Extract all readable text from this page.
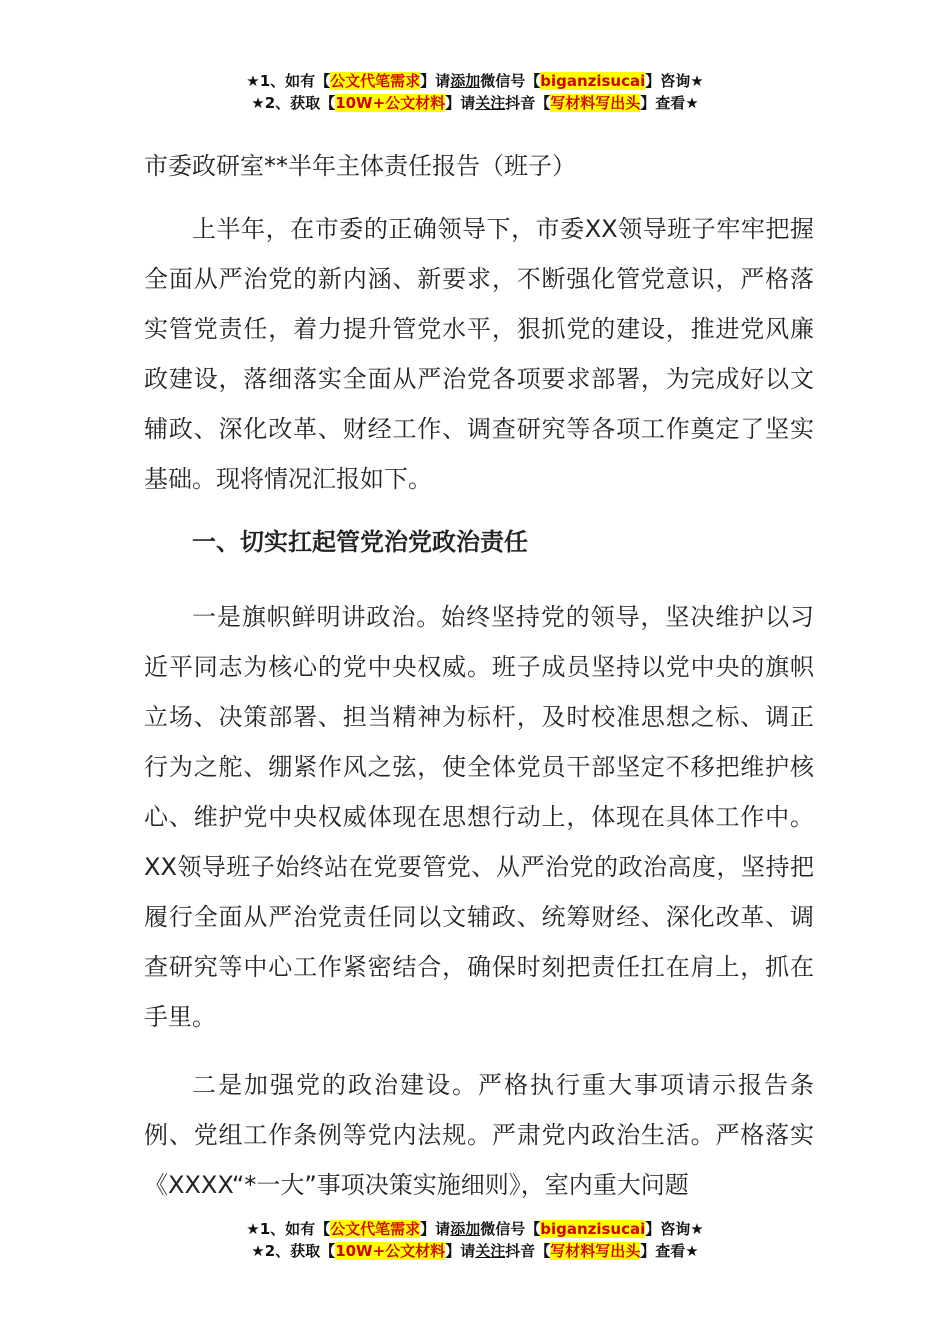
★1、如有【公文代笔需求】请添加微信号【biganzisucai】咨询★
★2、获取【10W+公文材料】请关注抖音【写材料写出头】查看★
市委政研室**半年主体责任报告（班子）

上半年，在市委的正确领导下，市委XX领导班子牢牢把握全面从严治党的新内涵、新要求，不断强化管党意识，严格落实管党责任，着力提升管党水平，狠抓党的建设，推进党风廉政建设，落细落实全面从严治党各项要求部署，为完成好以文辅政、深化改革、财经工作、调查研究等各项工作奠定了坚实基础。现将情况汇报如下。

一、切实扛起管党治党政治责任

一是旗帜鲜明讲政治。始终坚持党的领导，坚决维护以习近平同志为核心的党中央权威。班子成员坚持以党中央的旗帜立场、决策部署、担当精神为标杆，及时校准思想之标、调正行为之舵、绷紧作风之弦，使全体党员干部坚定不移把维护核心、维护党中央权威体现在思想行动上，体现在具体工作中。XX领导班子始终站在党要管党、从严治党的政治高度，坚持把履行全面从严治党责任同以文辅政、统筹财经、深化改革、调查研究等中心工作紧密结合，确保时刻把责任扛在肩上，抓在手里。

二是加强党的政治建设。严格执行重大事项请示报告条例、党组工作条例等党内法规。严肃党内政治生活。严格落实《XXXX“*一大”事项决策实施细则》，室内重大问题

★1、如有【公文代笔需求】请添加微信号【biganzisucai】咨询★
★2、获取【10W+公文材料】请关注抖音【写材料写出头】查看★
